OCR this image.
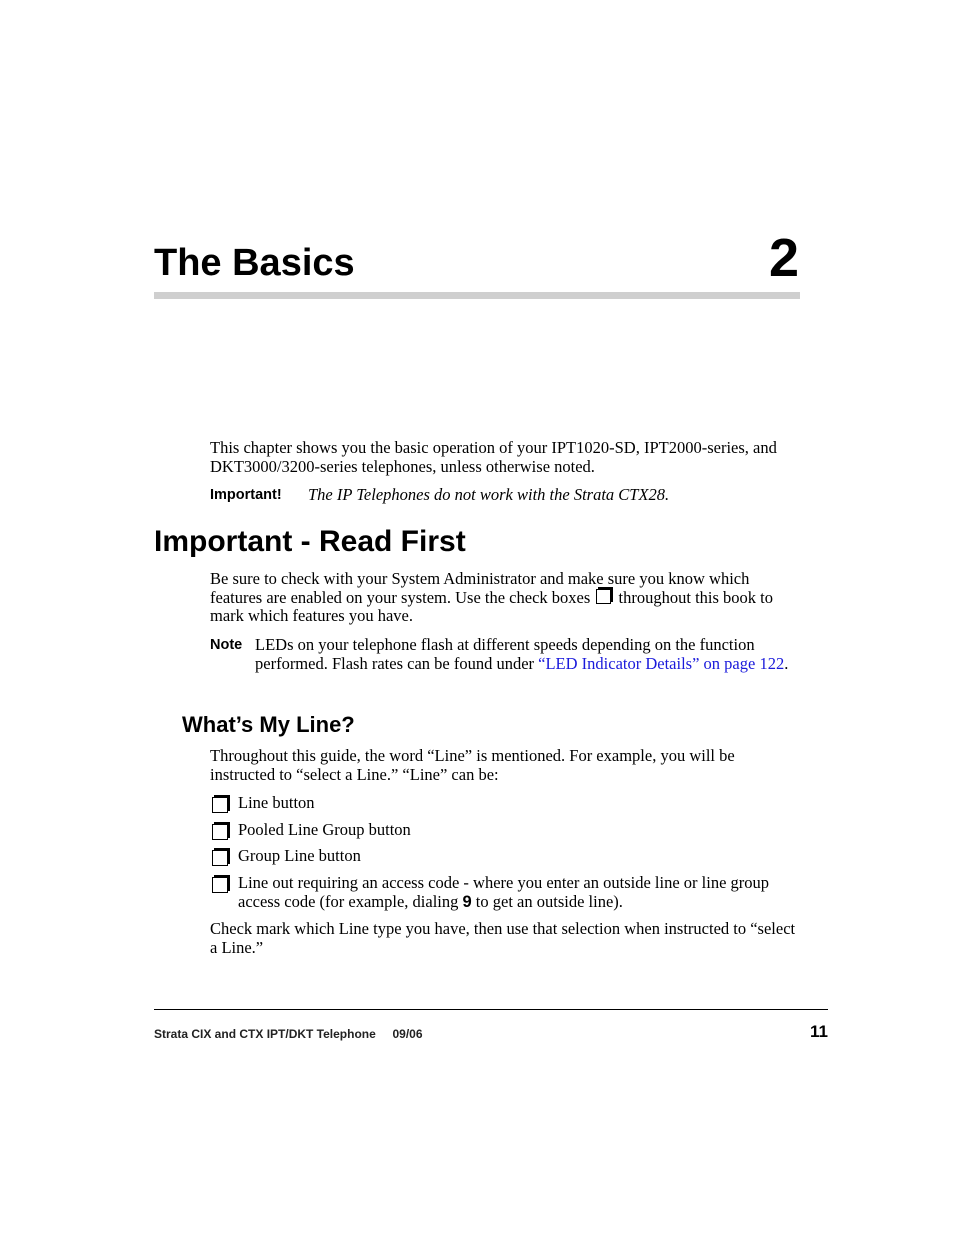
The Basics	2
This chapter shows you the basic operation of your IPT1020-SD, IPT2000-series, and DKT3000/3200-series telephones, unless otherwise noted.
Important! The IP Telephones do not work with the Strata CTX28.
Important - Read First
Be sure to check with your System Administrator and make sure you know which features are enabled on your system. Use the check boxes throughout this book to mark which features you have.
Note LEDs on your telephone flash at different speeds depending on the function performed. Flash rates can be found under “LED Indicator Details” on page 122.
What’s My Line?
Throughout this guide, the word “Line” is mentioned. For example, you will be instructed to “select a Line.” “Line” can be:
Line button
Pooled Line Group button
Group Line button
Line out requiring an access code - where you enter an outside line or line group access code (for example, dialing 9 to get an outside line).
Check mark which Line type you have, then use that selection when instructed to “select a Line.”
Strata CIX and CTX IPT/DKT Telephone 09/06	11
